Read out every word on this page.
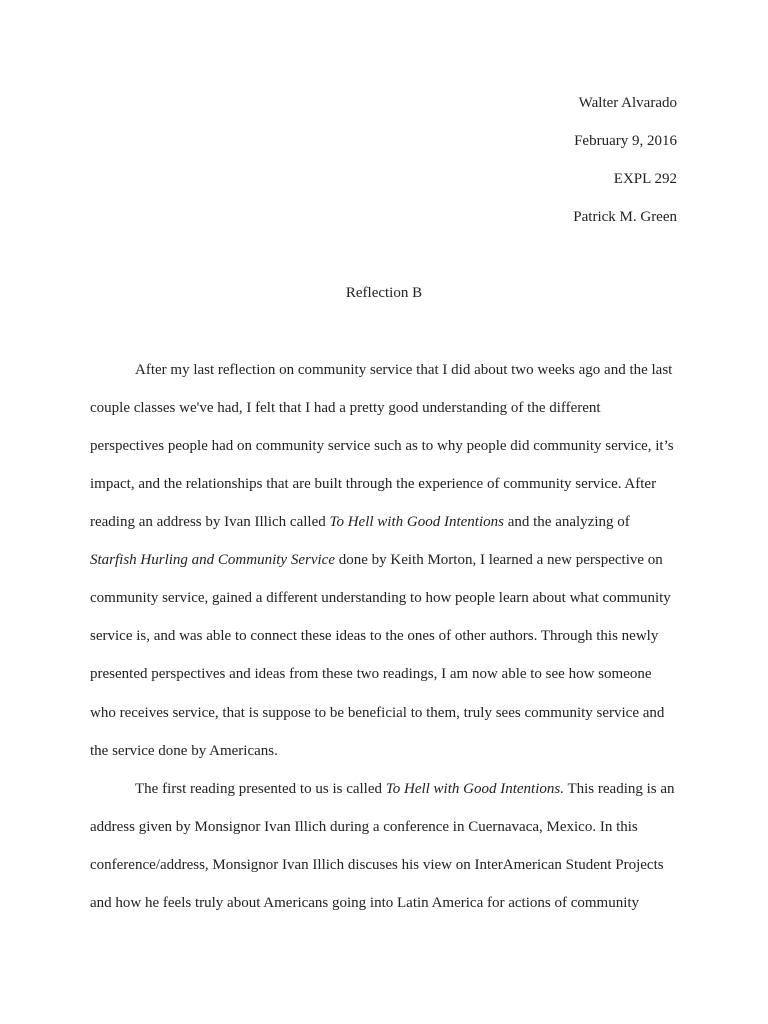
Walter Alvarado
February 9, 2016
EXPL 292
Patrick M. Green
Reflection B
After my last reflection on community service that I did about two weeks ago and the last
couple classes we've had, I felt that I had a pretty good understanding of the different
perspectives people had on community service such as to why people did community service, it’s
impact, and the relationships that are built through the experience of community service. After
reading an address by Ivan Illich called To Hell with Good Intentions and the analyzing of
Starfish Hurling and Community Service done by Keith Morton, I learned a new perspective on
community service, gained a different understanding to how people learn about what community
service is, and was able to connect these ideas to the ones of other authors. Through this newly
presented perspectives and ideas from these two readings, I am now able to see how someone
who receives service, that is suppose to be beneficial to them, truly sees community service and
the service done by Americans.
The first reading presented to us is called To Hell with Good Intentions. This reading is an
address given by Monsignor Ivan Illich during a conference in Cuernavaca, Mexico. In this
conference/address, Monsignor Ivan Illich discuses his view on InterAmerican Student Projects
and how he feels truly about Americans going into Latin America for actions of community
